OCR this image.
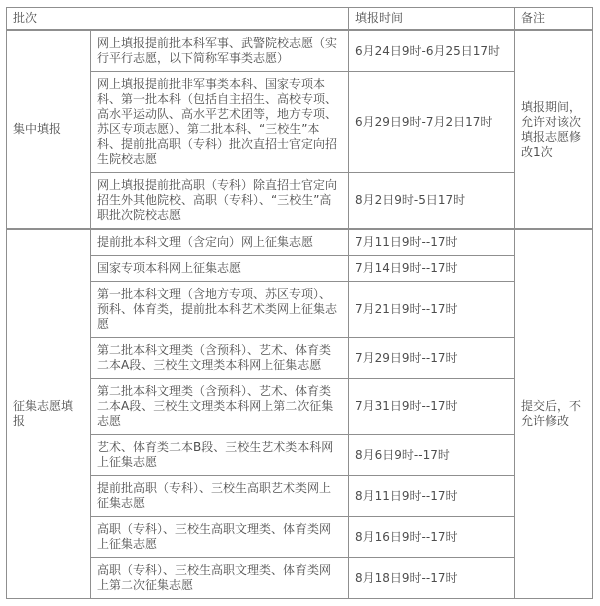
批次		填报时间	备注
集中填报	网上填报提前批本科军事、武警院校志愿（实行平行志愿，以下简称军事类志愿）	6月24日9时-6月25日17时	填报期间，允许对该次填报志愿修改1次
	网上填报提前批非军事类本科、国家专项本科、第一批本科（包括自主招生、高校专项、高水平运动队、高水平艺术团等，地方专项、苏区专项志愿）、第二批本科、“三校生”本科、提前批高职（专科）批次直招士官定向招生院校志愿	6月29日9时-7月2日17时	
	网上填报提前批高职（专科）除直招士官定向招生外其他院校、高职（专科）、“三校生”高职批次院校志愿	8月2日9时-5日17时	
征集志愿填报	提前批本科文理（含定向）网上征集志愿	7月11日9时--17时	提交后，不允许修改
	国家专项本科网上征集志愿	7月14日9时--17时	
	第一批本科文理（含地方专项、苏区专项）、预科、体育类，提前批本科艺术类网上征集志愿	7月21日9时--17时	
	第二批本科文理类（含预科）、艺术、体育类二本A段、三校生文理类本科网上征集志愿	7月29日9时--17时	
	第二批本科文理类（含预科）、艺术、体育类二本A段、三校生文理类本科网上第二次征集志愿	7月31日9时--17时	
	艺术、体育类二本B段、三校生艺术类本科网上征集志愿	8月6日9时--17时	
	提前批高职（专科）、三校生高职艺术类网上征集志愿	8月11日9时--17时	
	高职（专科）、三校生高职文理类、体育类网上征集志愿	8月16日9时--17时	
	高职（专科）、三校生高职文理类、体育类网上第二次征集志愿	8月18日9时--17时	
